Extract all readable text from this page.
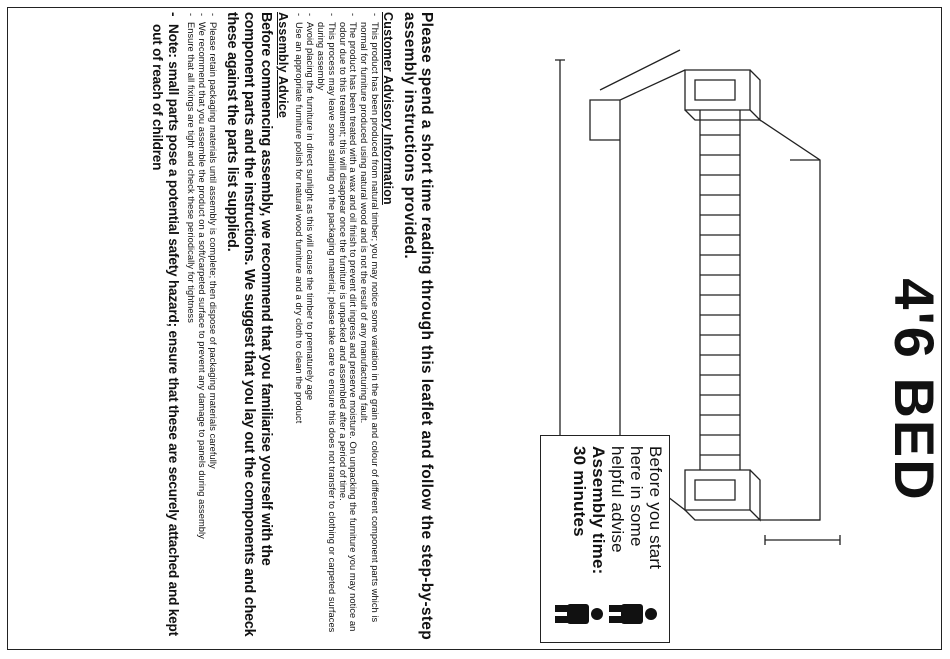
4'6 BED
Before you start
here in some
helpful advise
Assembly time:
30 minutes

Please spend a short time reading through this leaflet and follow the step-by-step assembly instructions provided.

Customer Advisory Information
- This product has been produced from natural timber; you may notice some variation in the grain and colour of different component parts which is normal for furniture produced using natural wood and is not the result of any manufacturing fault.
- The product has been treated with a wax and oil finish to prevent dirt ingress and preserve moisture. On unpacking the furniture you may notice an odour due to this treatment; this will disappear once the furniture is unpacked and assembled after a period of time.
- This process may leave some staining on the packaging material; please take care to ensure this does not transfer to clothing or carpeted surfaces during assembly
- Avoid placing the furniture in direct sunlight as this will cause the timber to prematurely age
- Use an appropriate furniture polish for natural wood furniture and a dry cloth to clean the product
Assembly Advice

Before commencing assembly, we recommend that you familiarise yourself with the component parts and the instructions. We suggest that you lay out the components and check these against the parts list supplied.

- Please retain packaging materials until assembly is complete; then dispose of packaging materials carefully
- We recommend that you assemble the product on a soft/carpeted surface to prevent any damage to panels during assembly
- Ensure that all fixings are tight and check these periodically for tightness
- Note: small parts pose a potential safety hazard; ensure that these are securely attached and kept out of reach of children
